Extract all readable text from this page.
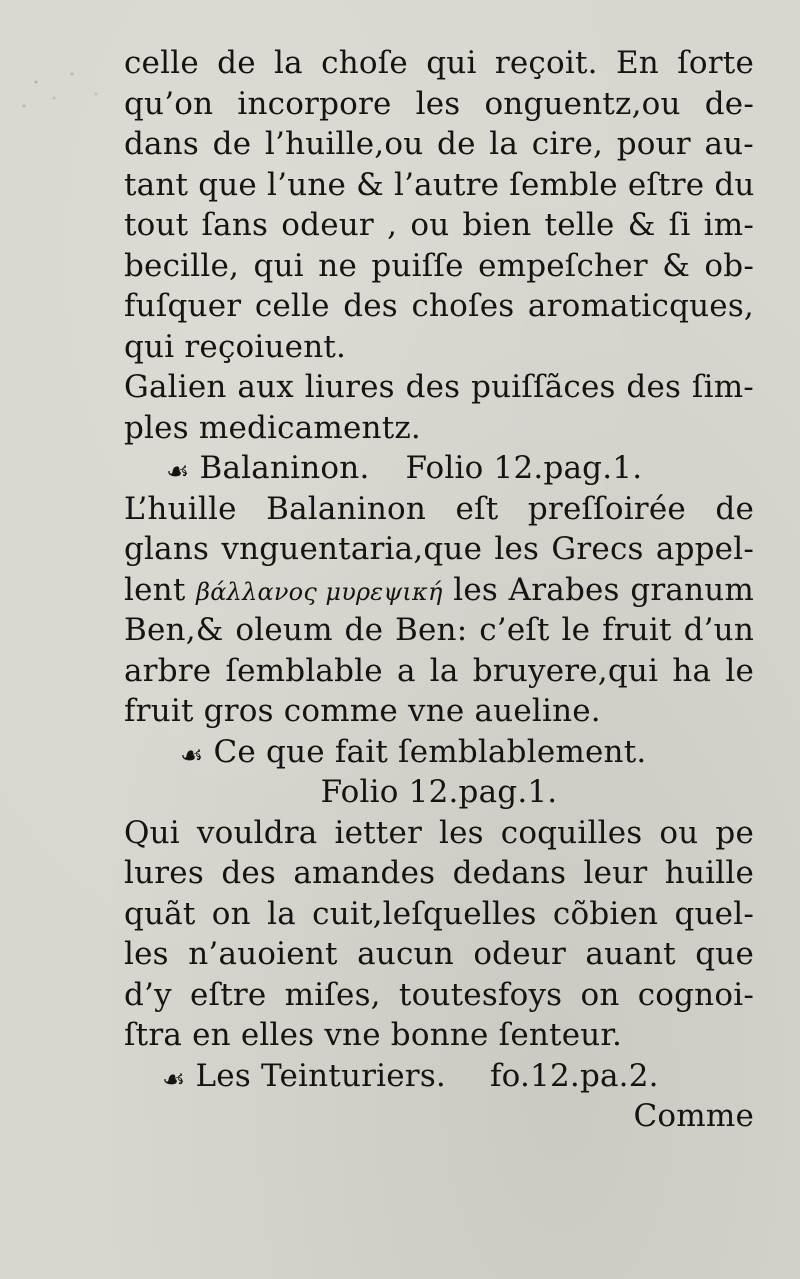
celle de la choſe qui reçoit. En ſorte
qu’on incorpore les onguentz,ou de-
dans de l’huille,ou de la cire, pour au-
tant que l’une & l’autre ſemble eſtre du
tout ſans odeur , ou bien telle & ſi im-
becille, qui ne puiſſe empeſcher & ob-
fuſquer celle des choſes aromaticques,
qui reçoiuent.
Galien aux liures des puiſſãces des ſim-
ples medicamentz.
☙ Balaninon. Folio 12.pag.1.
L’huille Balaninon eſt preſſoirée de
glans vnguentaria,que les Grecs appel-
lent βάλλανος μυρεψική les Arabes granum
Ben,& oleum de Ben: c’eſt le fruit d’un
arbre ſemblable a la bruyere,qui ha le
fruit gros comme vne aueline.
☙ Ce que fait ſemblablement.
Folio 12.pag.1.
Qui vouldra ietter les coquilles ou pe
lures des amandes dedans leur huille
quãt on la cuit,leſquelles cõbien quel-
les n’auoient aucun odeur auant que
d’y eſtre miſes, toutesfoys on cognoi-
ſtra en elles vne bonne ſenteur.
☙ Les Teinturiers. fo.12.pa.2.
Comme
